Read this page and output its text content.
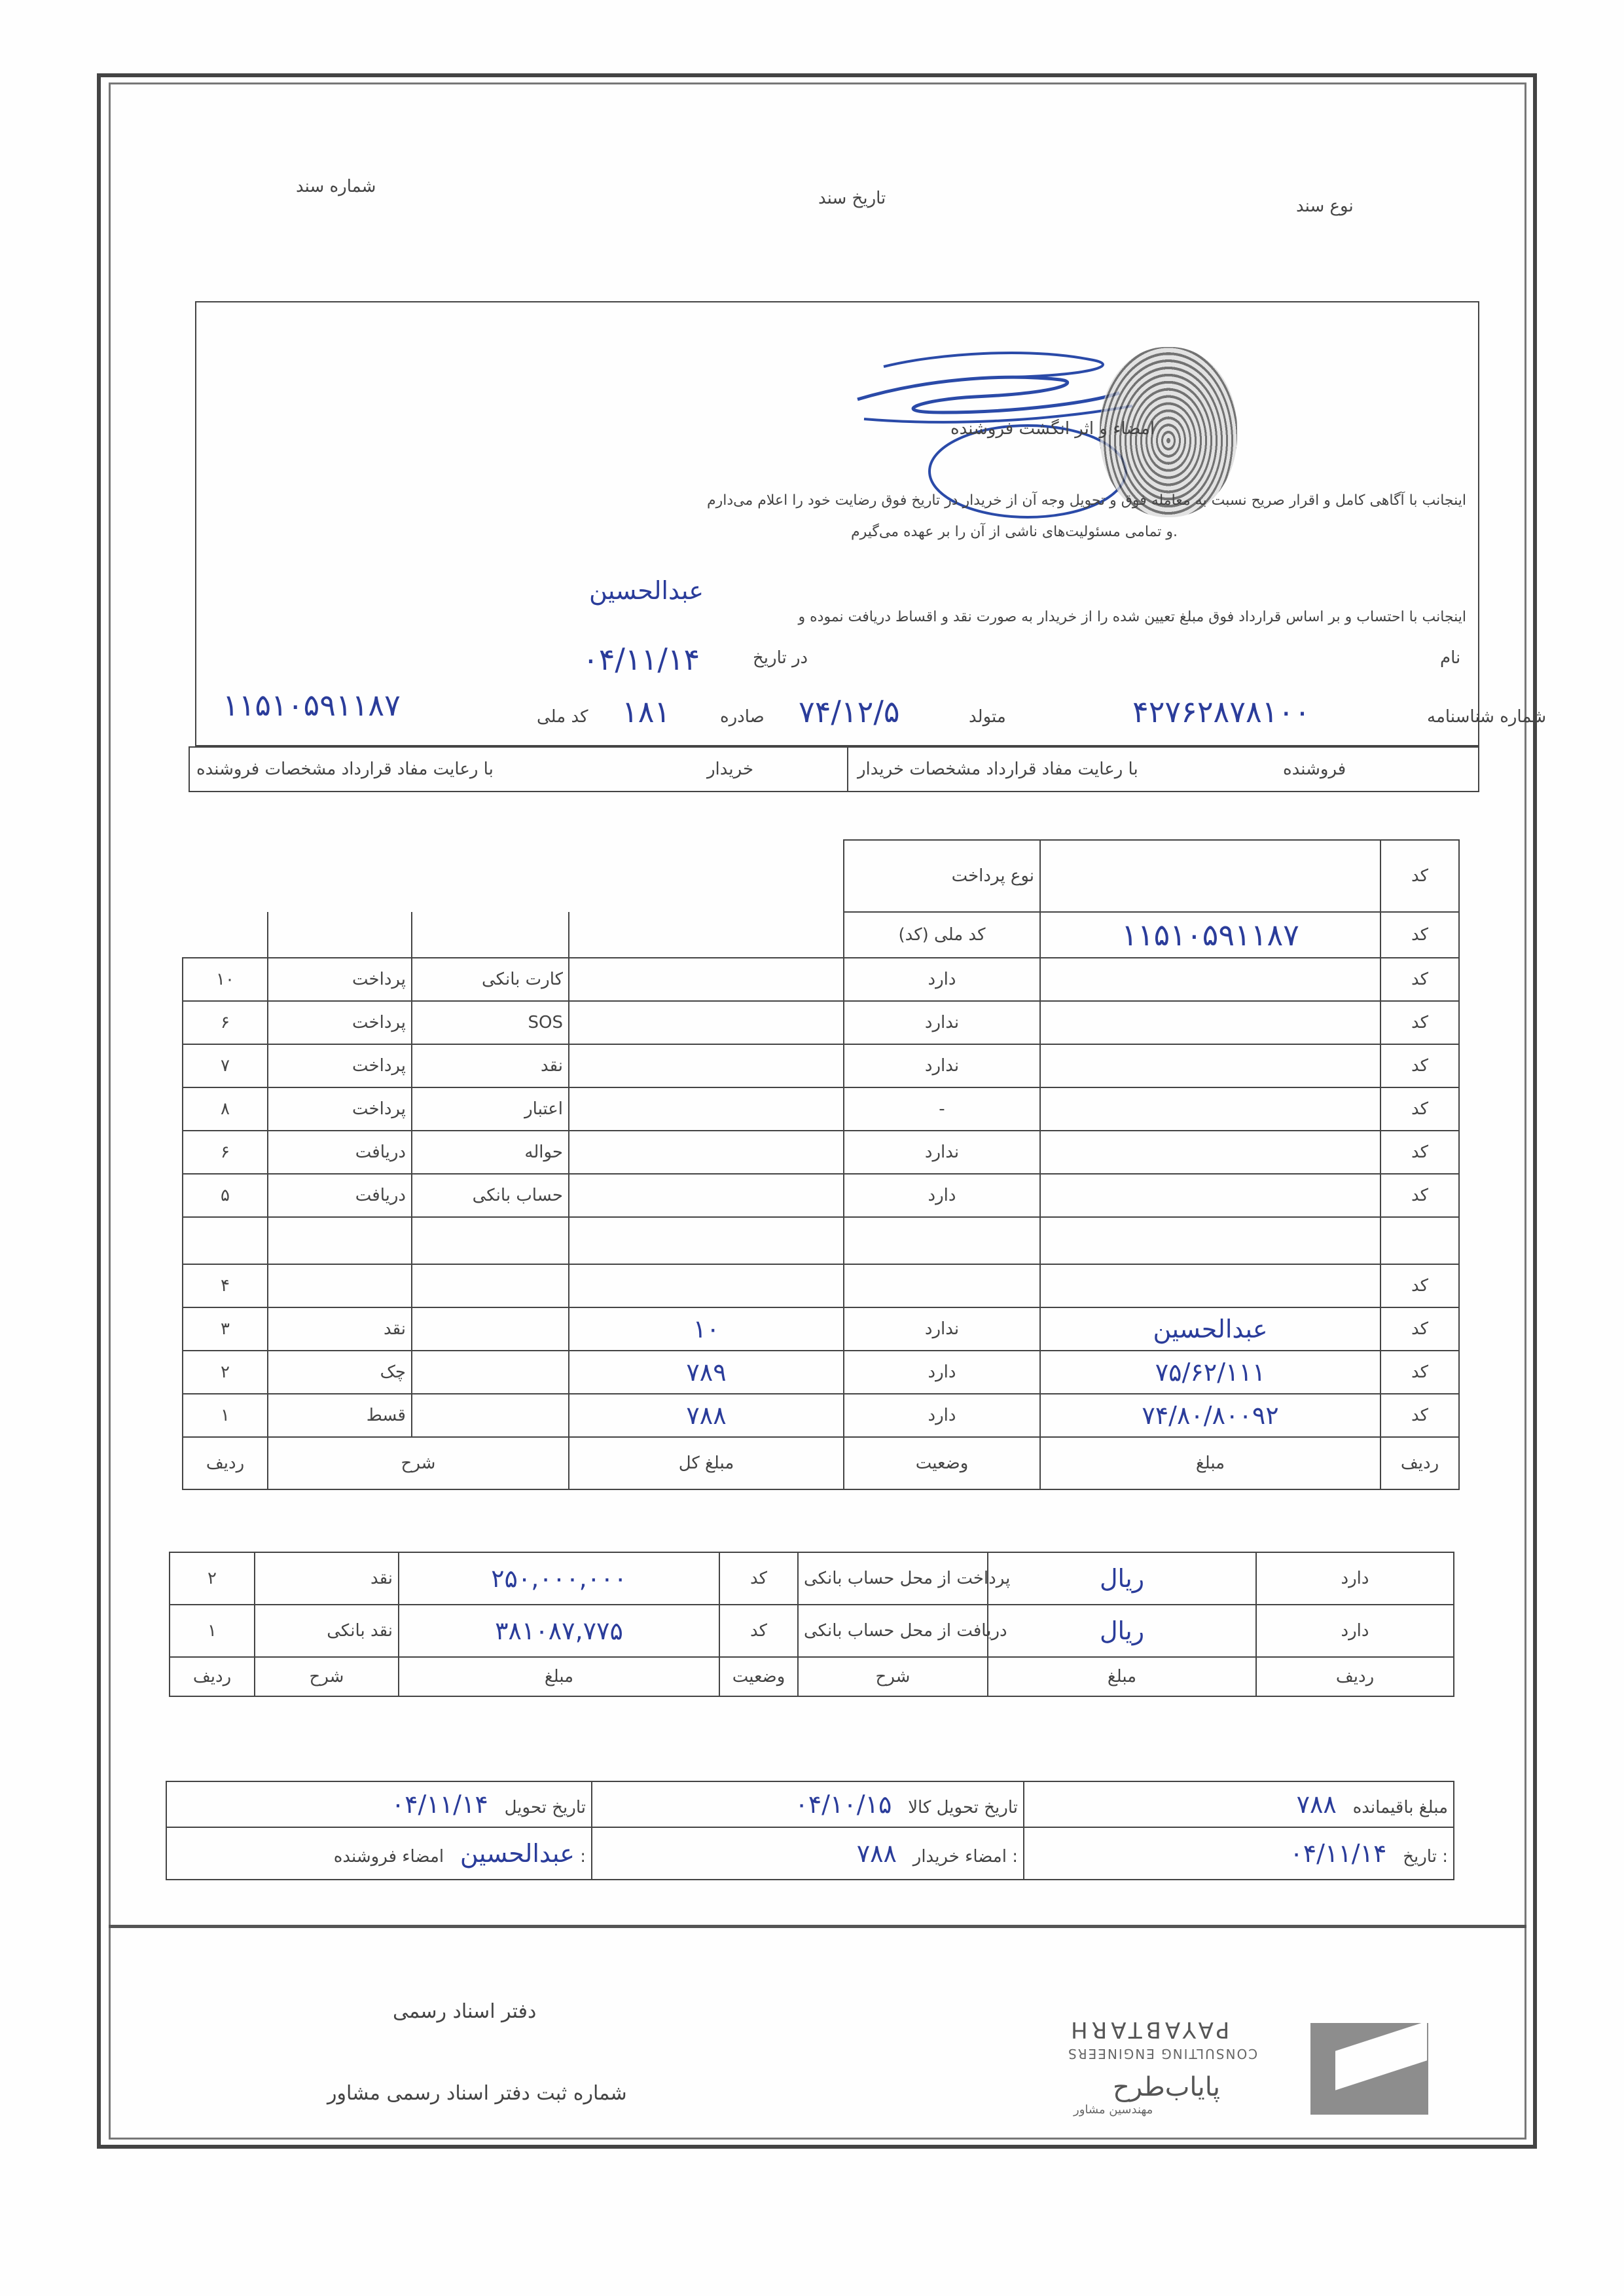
شماره سند
تاریخ سند	نوع سند
امضاء و اثر انگشت فروشنده
اینجانب با آگاهی کامل و اقرار صریح نسبت به معامله فوق و تحویل وجه آن از خریدار در تاریخ فوق رضایت خود را اعلام می‌دارم
و تمامی مسئولیت‌های ناشی از آن را بر عهده می‌گیرم.
اینجانب با احتساب و بر اساس قرارداد فوق مبلغ تعیین شده را از خریدار به صورت نقد و اقساط دریافت نموده و
عبدالحسین
نام
در تاریخ
۰۴/۱۱/۱۴
شماره شناسنامه
۴۲۷۶۲۸۷۸۱۰۰
متولد
۷۴/۱۲/۵
صادره
۱۸۱
کد ملی
۱۱۵۱۰۵۹۱۱۸۷
با رعایت مفاد قرارداد مشخصات خریدار	فروشنده
با رعایت مفاد قرارداد مشخصات فروشنده	خریدار
				نوع پرداخت		کد
				کد ملی (کد)	۱۱۵۱۰۵۹۱۱۸۷	کد
۱۰	پرداخت	کارت بانکی		دارد		کد
۶	پرداخت	SOS		ندارد		کد
۷	پرداخت	نقد		ندارد		کد
۸	پرداخت	اعتبار		-		کد
۶	دریافت	حواله		ندارد		کد
۵	دریافت	حساب بانکی		دارد		کد

۴						کد
۳	نقد		۱۰	ندارد	عبدالحسین	کد
۲	چک		۷۸۹	دارد	۷۵/۶۲/۱۱۱	کد
۱	قسط		۷۸۸	دارد	۷۴/۸۰/۸۰۰۹۲	کد
ردیف	شرح		مبلغ کل	وضعیت	مبلغ	ردیف
۲	نقد	۲۵۰,۰۰۰,۰۰۰	کد	پرداخت از محل حساب بانکی	ریال	دارد
۱	نقد بانکی	۳۸۱۰۸۷,۷۷۵	کد	دریافت از محل حساب بانکی	ریال	دارد
ردیف	شرح	مبلغ	وضعیت	شرح	مبلغ	ردیف
۰۴/۱۱/۱۴ تاریخ تحویل	۰۴/۱۰/۱۵ تاریخ تحویل کالا	۷۸۸ مبلغ باقیمانده
عبدالحسین   امضاء فروشنده :	۷۸۸ امضاء خریدار :	۰۴/۱۱/۱۴ تاریخ :
دفتر اسناد رسمی
شماره ثبت دفتر اسناد رسمی مشاور
PAYABTARH
CONSULTING ENGINEERS
پایاب‌طرح
مهندسین مشاور
